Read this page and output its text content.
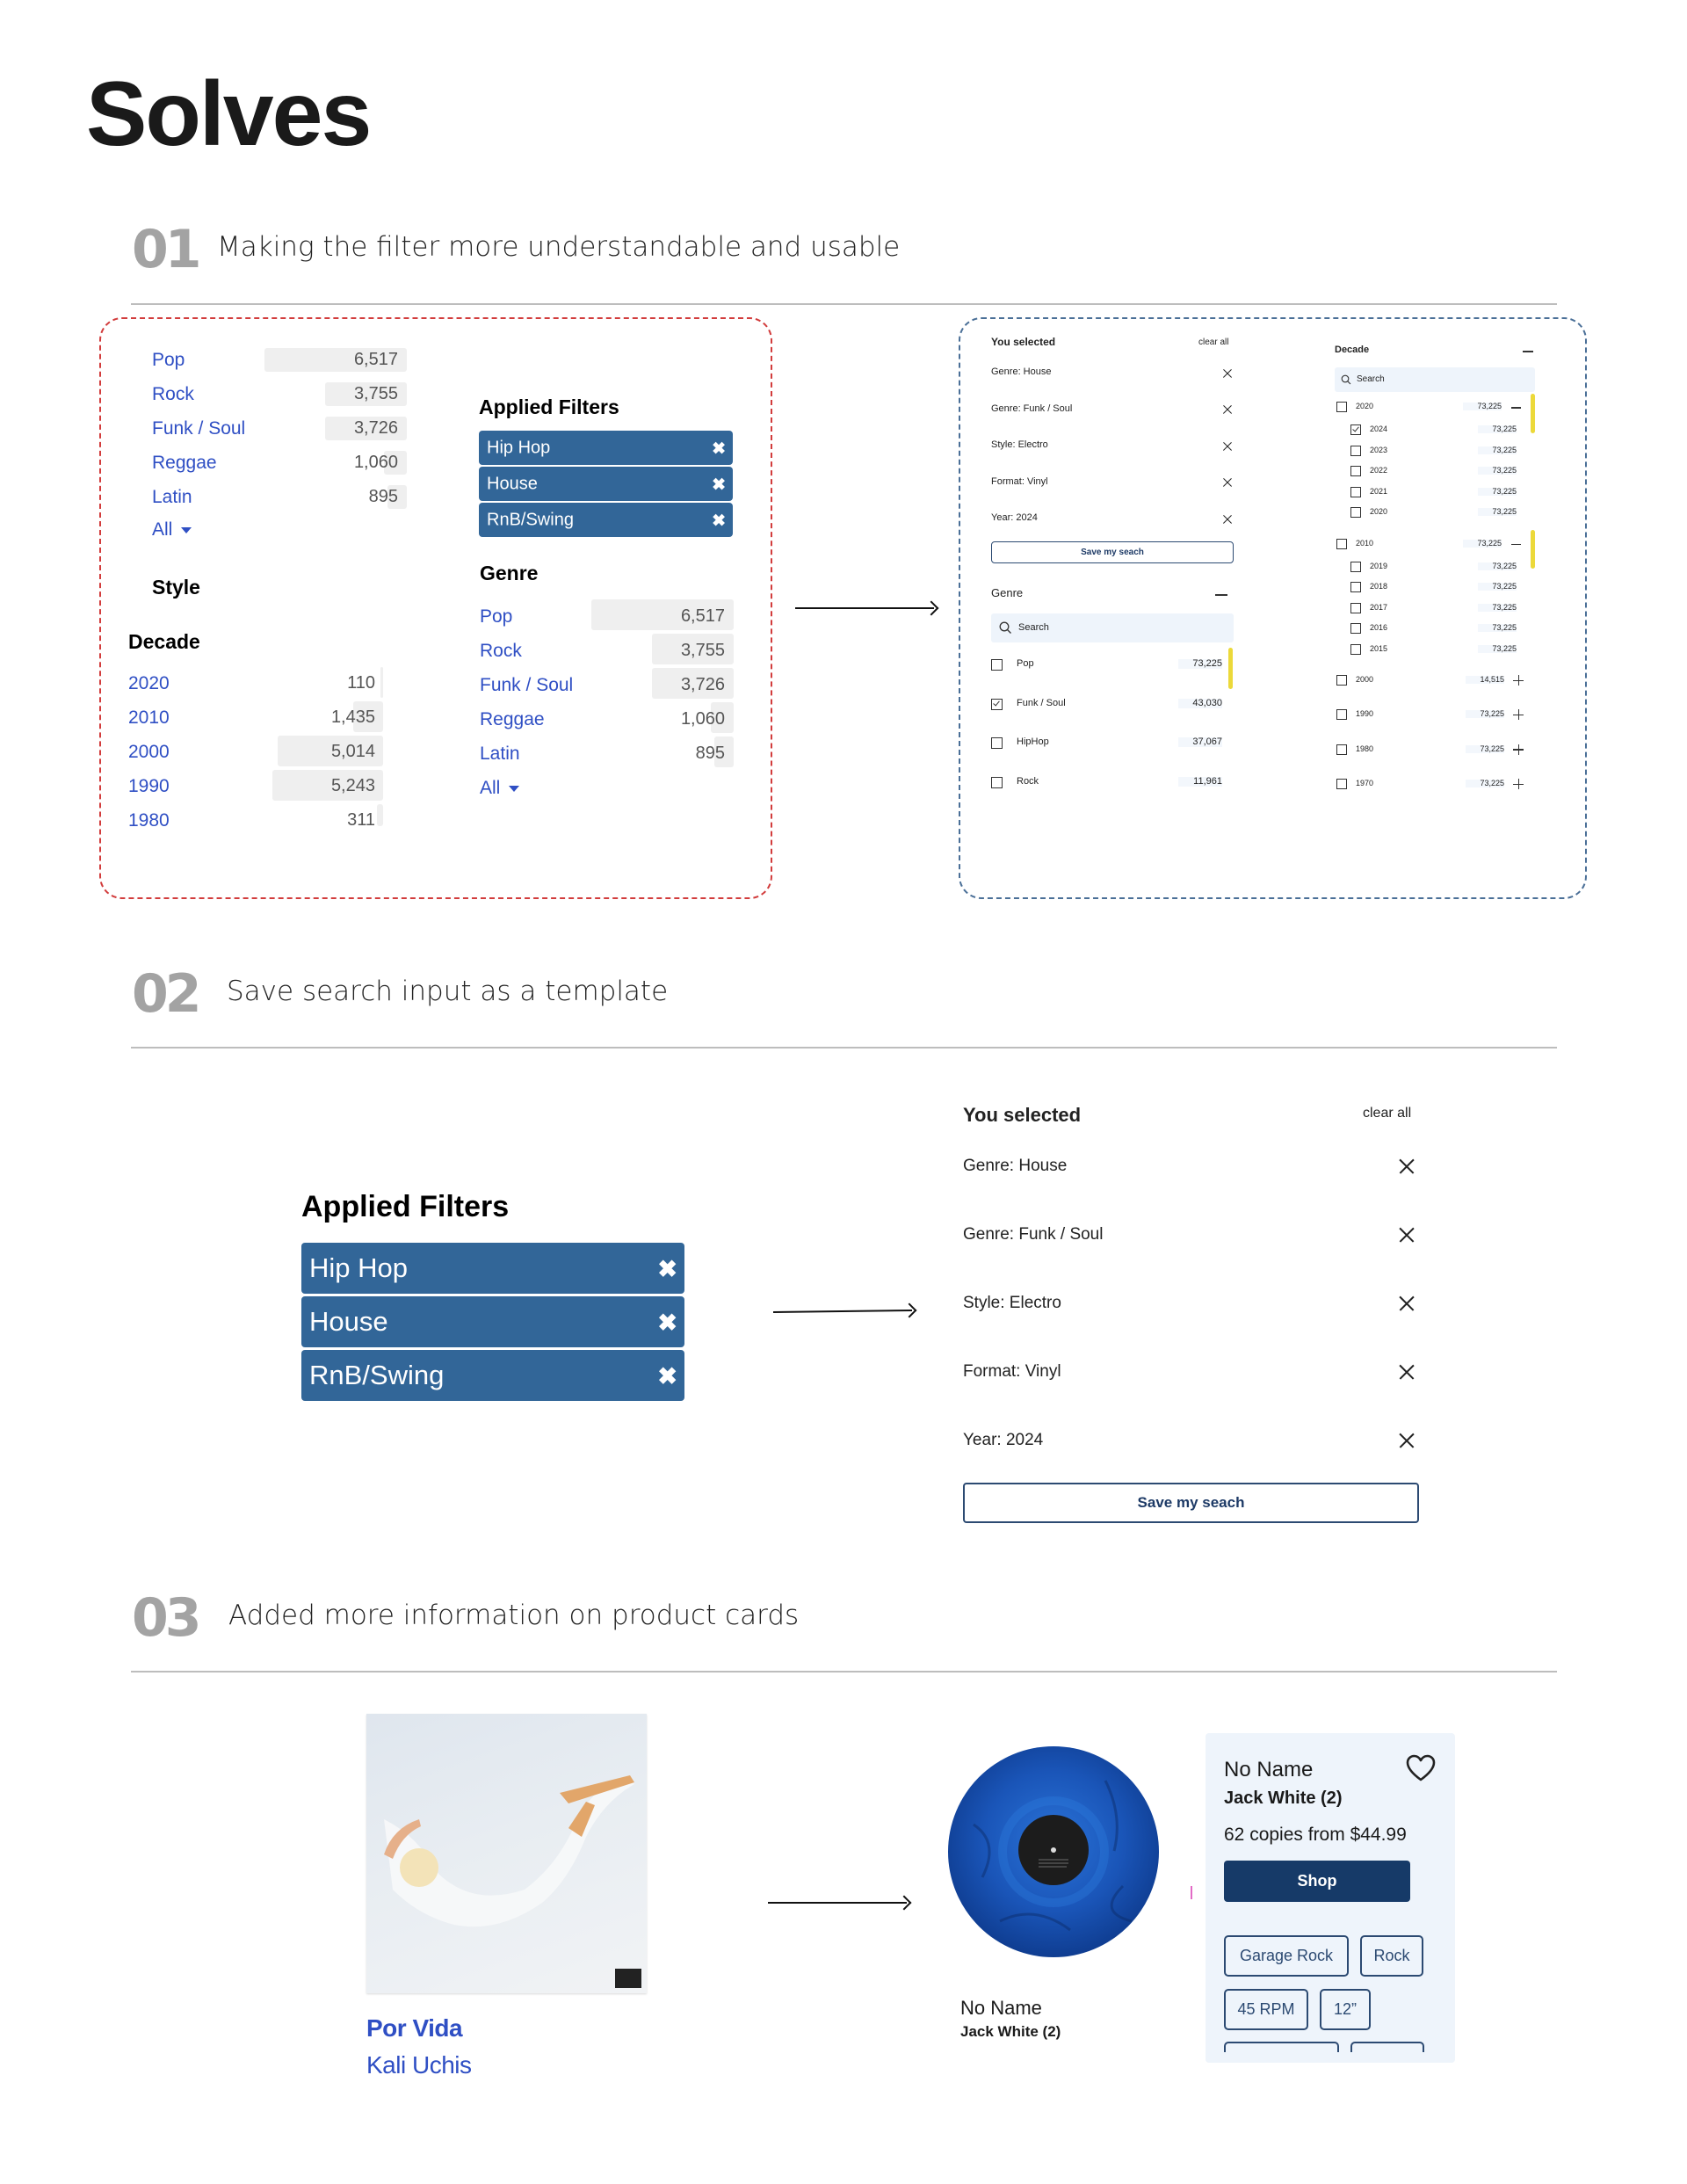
Solves
01 Making the filter more understandable and usable
Pop	6,517
Rock	3,755
Funk / Soul	3,726
Reggae	1,060
Latin	895
All
Style
Decade
2020	110
2010	1,435
2000	5,014
1990	5,243
1980	311
Applied Filters
Hip Hop	✖
House	✖
RnB/Swing	✖
Genre
Pop	6,517
Rock	3,755
Funk / Soul	3,726
Reggae	1,060
Latin	895
All
You selected	clear all
Genre: House
Genre: Funk / Soul
Style: Electro
Format: Vinyl
Year: 2024
Save my seach
Genre
Search
Pop	73,225
Funk / Soul	43,030
HipHop	37,067
Rock	11,961
Decade
Search
2020	73,225
2024	73,225
2023	73,225
2022	73,225
2021	73,225
2020	73,225
2010	73,225
2019	73,225
2018	73,225
2017	73,225
2016	73,225
2015	73,225
2000	14,515
1990	73,225
1980	73,225
1970	73,225
02 Save search input as a template
Applied Filters
Hip Hop	✖
House	✖
RnB/Swing	✖
You selected	clear all
Genre: House
Genre: Funk / Soul
Style: Electro
Format: Vinyl
Year: 2024
Save my seach
03 Added more information on product cards
Por Vida
Kali Uchis
No Name
Jack White (2)
No Name
Jack White (2)
62 copies from $44.99
Shop
Garage Rock	Rock
45 RPM	12”
